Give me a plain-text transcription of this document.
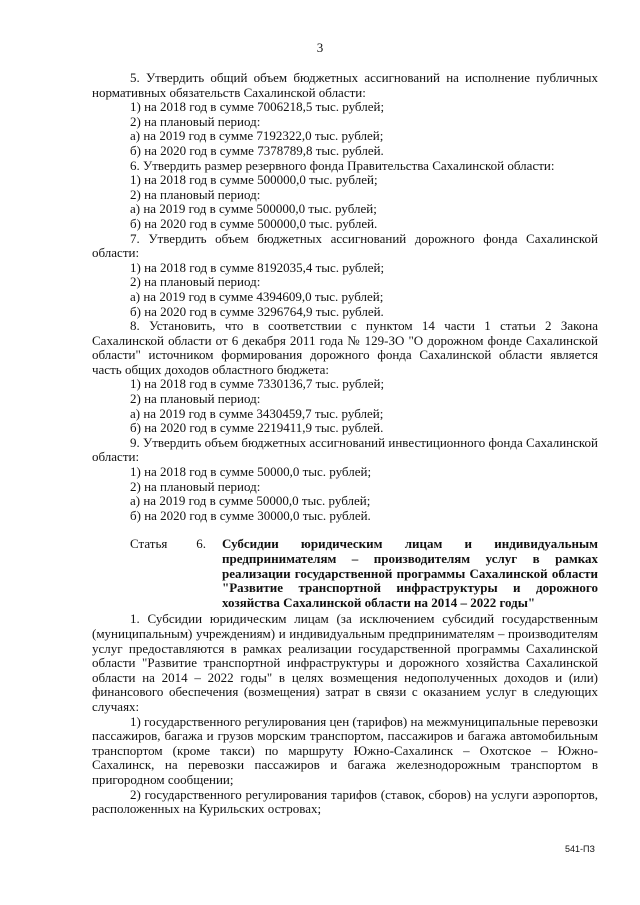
3

5. Утвердить общий объем бюджетных ассигнований на исполнение публичных нормативных обязательств Сахалинской области:

1) на 2018 год в сумме 7006218,5 тыс. рублей;

2) на плановый период:

а) на 2019 год в сумме 7192322,0 тыс. рублей;

б) на 2020 год в сумме 7378789,8 тыс. рублей.

6. Утвердить размер резервного фонда Правительства Сахалинской области:

1) на 2018 год в сумме 500000,0 тыс. рублей;

2) на плановый период:

а) на 2019 год в сумме 500000,0 тыс. рублей;

б) на 2020 год в сумме 500000,0 тыс. рублей.

7. Утвердить объем бюджетных ассигнований дорожного фонда Сахалинской области:

1) на 2018 год в сумме 8192035,4 тыс. рублей;

2) на плановый период:

а) на 2019 год в сумме 4394609,0 тыс. рублей;

б) на 2020 год в сумме 3296764,9 тыс. рублей.

8. Установить, что в соответствии с пунктом 14 части 1 статьи 2 Закона Сахалинской области от 6 декабря 2011 года № 129-ЗО "О дорожном фонде Сахалинской области" источником формирования дорожного фонда Сахалинской области является часть общих доходов областного бюджета:

1) на 2018 год в сумме 7330136,7 тыс. рублей;

2) на плановый период:

а) на 2019 год в сумме 3430459,7 тыс. рублей;

б) на 2020 год в сумме 2219411,9 тыс. рублей.

9. Утвердить объем бюджетных ассигнований инвестиционного фонда Сахалинской области:

1) на 2018 год в сумме 50000,0 тыс. рублей;

2) на плановый период:

а) на 2019 год в сумме 50000,0 тыс. рублей;

б) на 2020 год в сумме 30000,0 тыс. рублей.

Статья 6. Субсидии юридическим лицам и индивидуальным предпринимателям – производителям услуг в рамках реализации государственной программы Сахалинской области "Развитие транспортной инфраструктуры и дорожного хозяйства Сахалинской области на 2014 – 2022 годы"

1. Субсидии юридическим лицам (за исключением субсидий государственным (муниципальным) учреждениям) и индивидуальным предпринимателям – производителям услуг предоставляются в рамках реализации государственной программы Сахалинской области "Развитие транспортной инфраструктуры и дорожного хозяйства Сахалинской области на 2014 – 2022 годы" в целях возмещения недополученных доходов и (или) финансового обеспечения (возмещения) затрат в связи с оказанием услуг в следующих случаях:

1) государственного регулирования цен (тарифов) на межмуниципальные перевозки пассажиров, багажа и грузов морским транспортом, пассажиров и багажа автомобильным транспортом (кроме такси) по маршруту Южно-Сахалинск – Охотское – Южно-Сахалинск, на перевозки пассажиров и багажа железнодорожным транспортом в пригородном сообщении;

2) государственного регулирования тарифов (ставок, сборов) на услуги аэропортов, расположенных на Курильских островах;

541-ПЗ
